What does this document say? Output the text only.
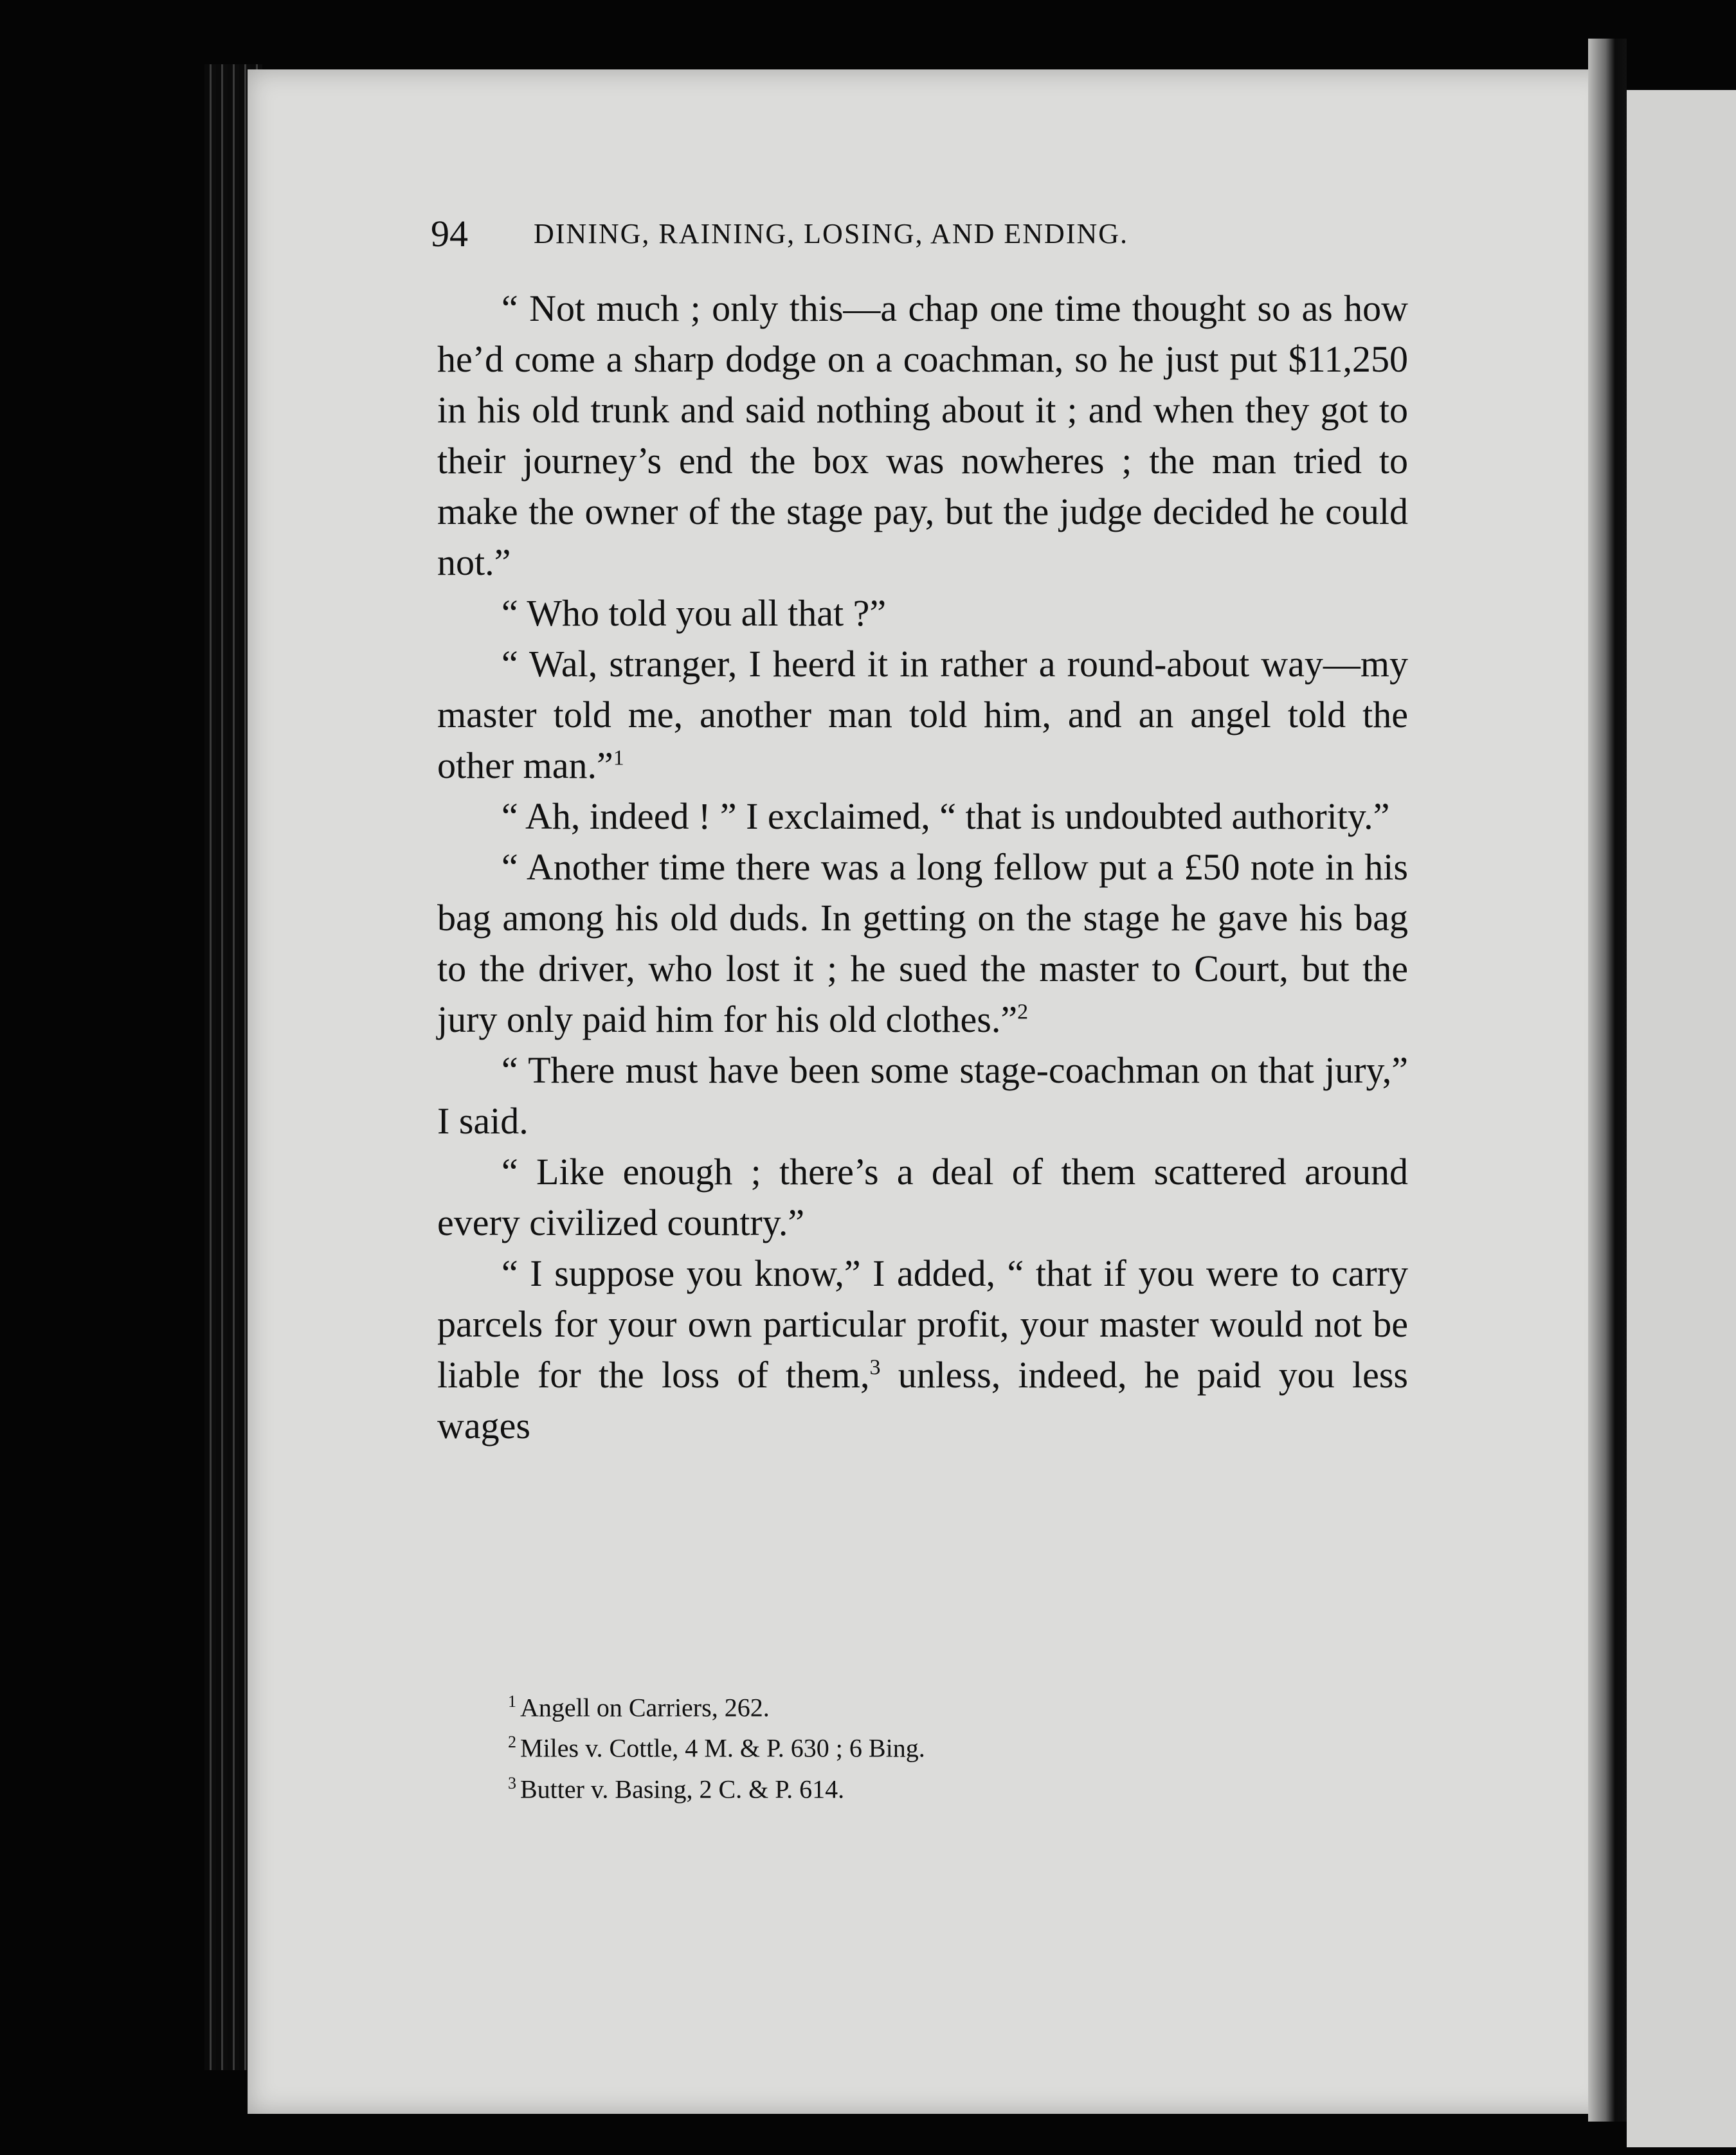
94 DINING, RAINING, LOSING, AND ENDING.

“ Not much ; only this—a chap one time thought so as how he’d come a sharp dodge on a coachman, so he just put $11,250 in his old trunk and said nothing about it ; and when they got to their journey’s end the box was nowheres ; the man tried to make the owner of the stage pay, but the judge decided he could not.”

“ Who told you all that ?”

“ Wal, stranger, I heerd it in rather a round-about way—my master told me, another man told him, and an angel told the other man.”$^1$

“ Ah, indeed ! ” I exclaimed, “ that is undoubted authority.”

“ Another time there was a long fellow put a £50 note in his bag among his old duds. In getting on the stage he gave his bag to the driver, who lost it ; he sued the master to Court, but the jury only paid him for his old clothes.”$^2$

“ There must have been some stage-coachman on that jury,” I said.

“ Like enough ; there’s a deal of them scattered around every civilized country.”

“ I suppose you know,” I added, “ that if you were to carry parcels for your own particular profit, your master would not be liable for the loss of them,$^3$ unless, indeed, he paid you less wages

$^1$ Angell on Carriers, 262.

$^2$ Miles v. Cottle, 4 M. & P. 630 ; 6 Bing.

$^3$ Butter v. Basing, 2 C. & P. 614.
